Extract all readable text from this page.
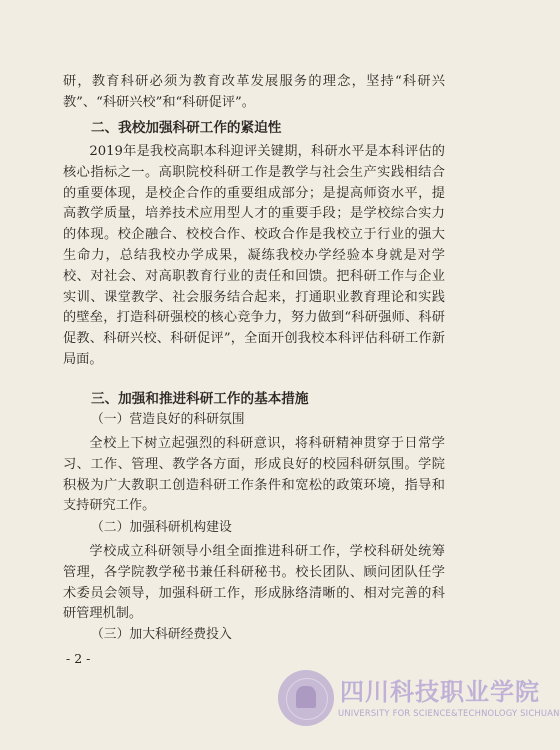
研，教育科研必须为教育改革发展服务的理念，坚持“科研兴教”、“科研兴校”和“科研促评”。
二、我校加强科研工作的紧迫性
2019年是我校高职本科迎评关键期，科研水平是本科评估的核心指标之一。高职院校科研工作是教学与社会生产实践相结合的重要体现，是校企合作的重要组成部分；是提高师资水平，提高教学质量，培养技术应用型人才的重要手段；是学校综合实力的体现。校企融合、校校合作、校政合作是我校立于行业的强大生命力，总结我校办学成果，凝练我校办学经验本身就是对学校、对社会、对高职教育行业的责任和回馈。把科研工作与企业实训、课堂教学、社会服务结合起来，打通职业教育理论和实践的壁垒，打造科研强校的核心竞争力，努力做到“科研强师、科研促教、科研兴校、科研促评”，全面开创我校本科评估科研工作新局面。
三、加强和推进科研工作的基本措施
（一）营造良好的科研氛围
全校上下树立起强烈的科研意识，将科研精神贯穿于日常学习、工作、管理、教学各方面，形成良好的校园科研氛围。学院积极为广大教职工创造科研工作条件和宽松的政策环境，指导和支持研究工作。
（二）加强科研机构建设
学校成立科研领导小组全面推进科研工作，学校科研处统筹管理，各学院教学秘书兼任科研秘书。校长团队、顾问团队任学术委员会领导，加强科研工作，形成脉络清晰的、相对完善的科研管理机制。
（三）加大科研经费投入
- 2 -
四川科技职业学院
UNIVERSITY FOR SCIENCE&TECHNOLOGY SICHUAN
